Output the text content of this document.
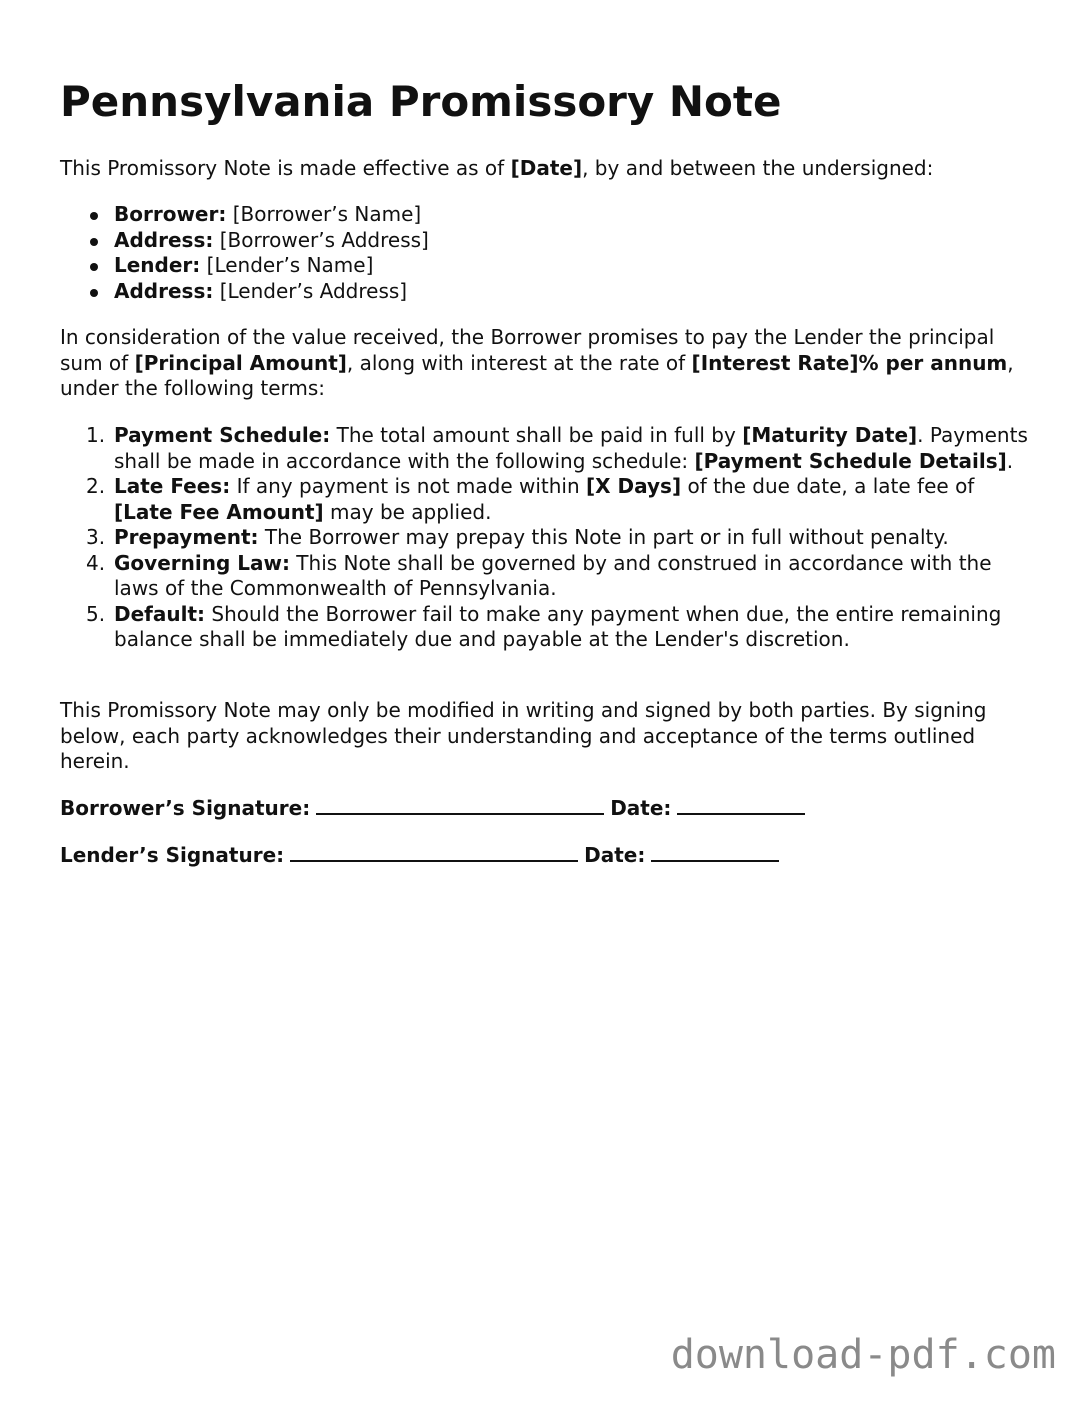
Pennsylvania Promissory Note

This Promissory Note is made effective as of [Date], by and between the undersigned:

Borrower: [Borrower’s Name]
Address: [Borrower’s Address]
Lender: [Lender’s Name]
Address: [Lender’s Address]

In consideration of the value received, the Borrower promises to pay the Lender the principal sum of [Principal Amount], along with interest at the rate of [Interest Rate]% per annum, under the following terms:

1. Payment Schedule: The total amount shall be paid in full by [Maturity Date]. Payments shall be made in accordance with the following schedule: [Payment Schedule Details].
2. Late Fees: If any payment is not made within [X Days] of the due date, a late fee of [Late Fee Amount] may be applied.
3. Prepayment: The Borrower may prepay this Note in part or in full without penalty.
4. Governing Law: This Note shall be governed by and construed in accordance with the laws of the Commonwealth of Pennsylvania.
5. Default: Should the Borrower fail to make any payment when due, the entire remaining balance shall be immediately due and payable at the Lender's discretion.

This Promissory Note may only be modified in writing and signed by both parties. By signing below, each party acknowledges their understanding and acceptance of the terms outlined herein.

Borrower’s Signature:	Date:
Lender’s Signature:	Date:
download-pdf.com
